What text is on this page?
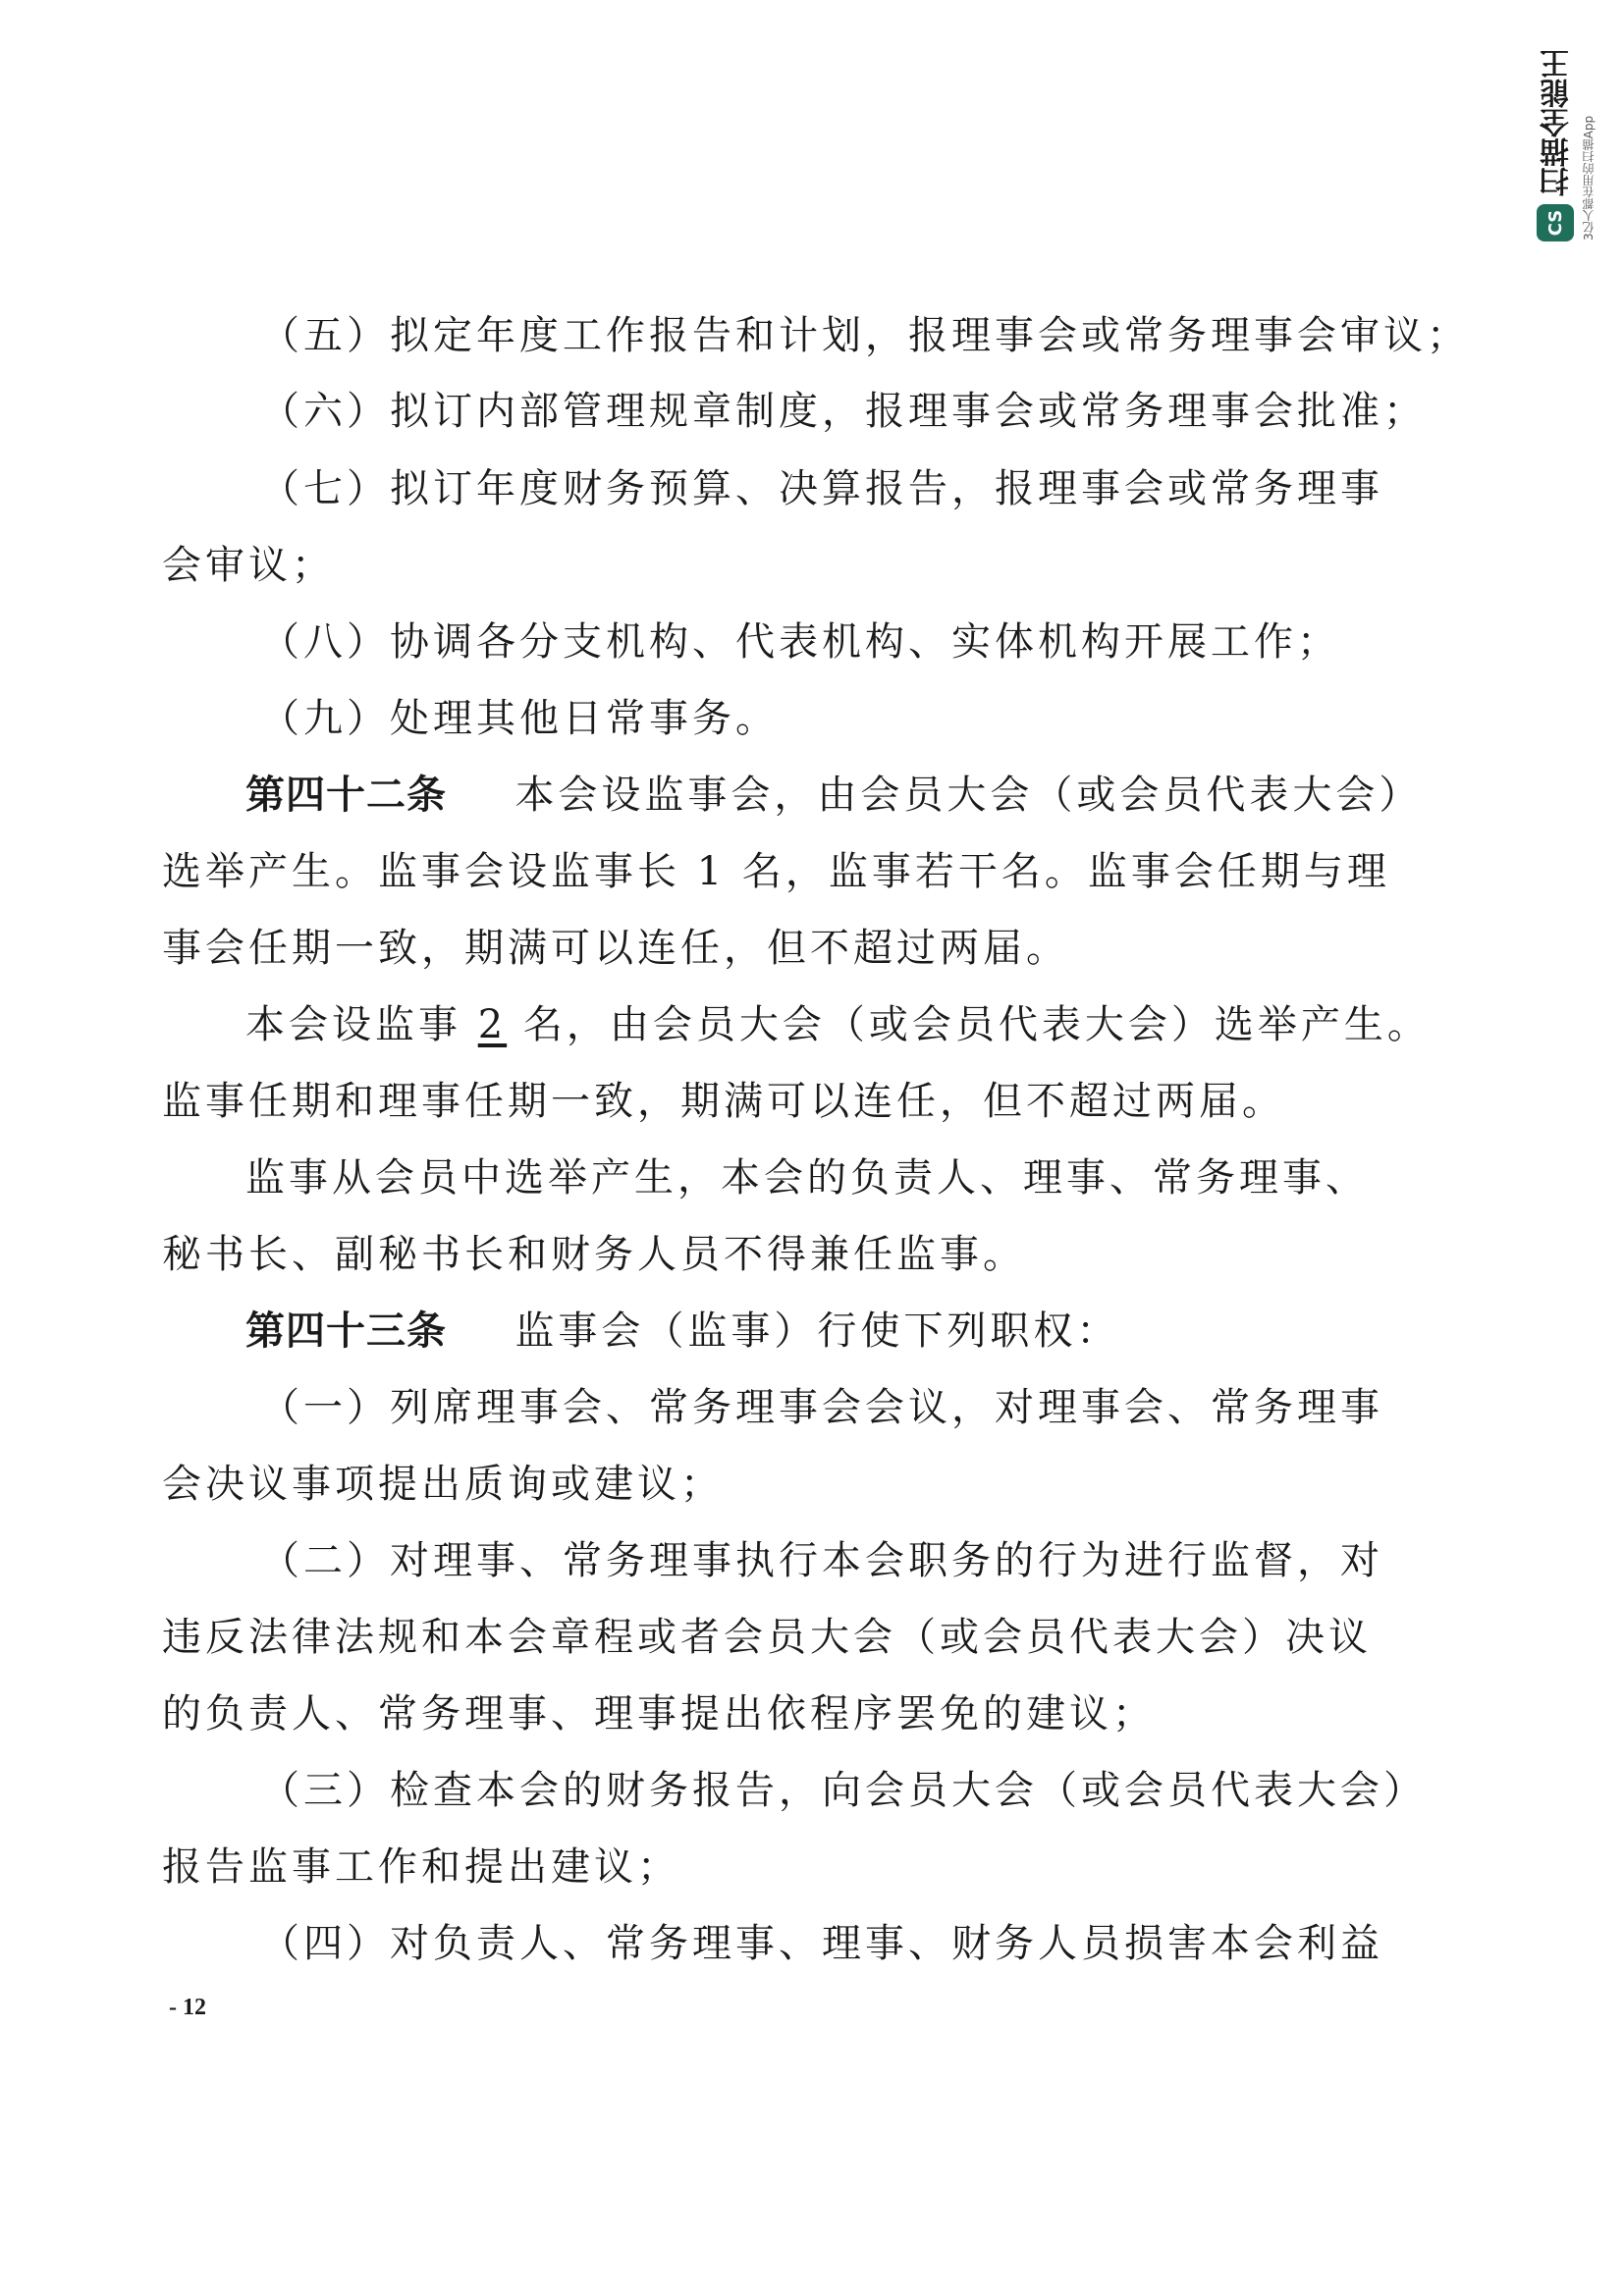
CS
扫描全能王 3亿人都在用的扫描App
（五）拟定年度工作报告和计划，报理事会或常务理事会审议；
（六）拟订内部管理规章制度，报理事会或常务理事会批准；
（七）拟订年度财务预算、决算报告，报理事会或常务理事
会审议；
（八）协调各分支机构、代表机构、实体机构开展工作；
（九）处理其他日常事务。
第四十二条 本会设监事会，由会员大会（或会员代表大会）
选举产生。监事会设监事长 1 名，监事若干名。监事会任期与理
事会任期一致，期满可以连任，但不超过两届。
本会设监事 2 名，由会员大会（或会员代表大会）选举产生。
监事任期和理事任期一致，期满可以连任，但不超过两届。
监事从会员中选举产生，本会的负责人、理事、常务理事、
秘书长、副秘书长和财务人员不得兼任监事。
第四十三条 监事会（监事）行使下列职权：
（一）列席理事会、常务理事会会议，对理事会、常务理事
会决议事项提出质询或建议；
（二）对理事、常务理事执行本会职务的行为进行监督，对
违反法律法规和本会章程或者会员大会（或会员代表大会）决议
的负责人、常务理事、理事提出依程序罢免的建议；
（三）检查本会的财务报告，向会员大会（或会员代表大会）
报告监事工作和提出建议；
（四）对负责人、常务理事、理事、财务人员损害本会利益
- 12
